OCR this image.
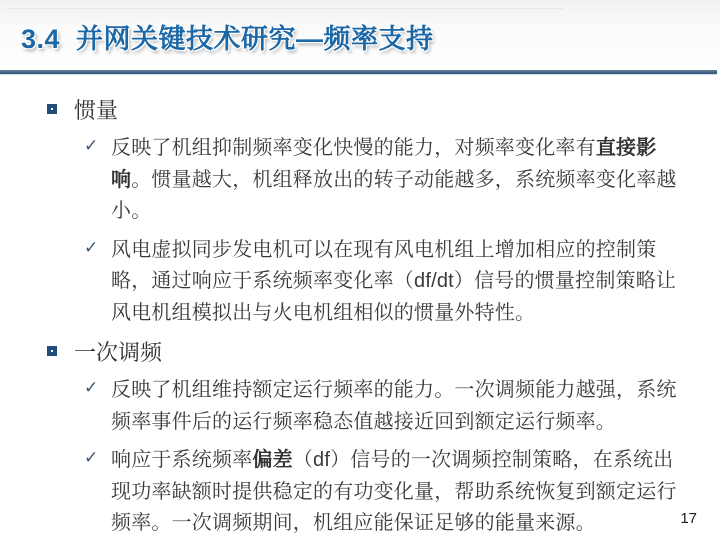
3.4  并网关键技术研究—频率支持
惯量
✓ 反映了机组抑制频率变化快慢的能力，对频率变化率有直接影响。惯量越大，机组释放出的转子动能越多，系统频率变化率越小。

✓ 风电虚拟同步发电机可以在现有风电机组上增加相应的控制策略，通过响应于系统频率变化率（df/dt）信号的惯量控制策略让风电机组模拟出与火电机组相似的惯量外特性。

一次调频
✓ 反映了机组维持额定运行频率的能力。一次调频能力越强，系统频率事件后的运行频率稳态值越接近回到额定运行频率。

✓ 响应于系统频率偏差（df）信号的一次调频控制策略，在系统出现功率缺额时提供稳定的有功变化量，帮助系统恢复到额定运行频率。一次调频期间，机组应能保证足够的能量来源。	17
